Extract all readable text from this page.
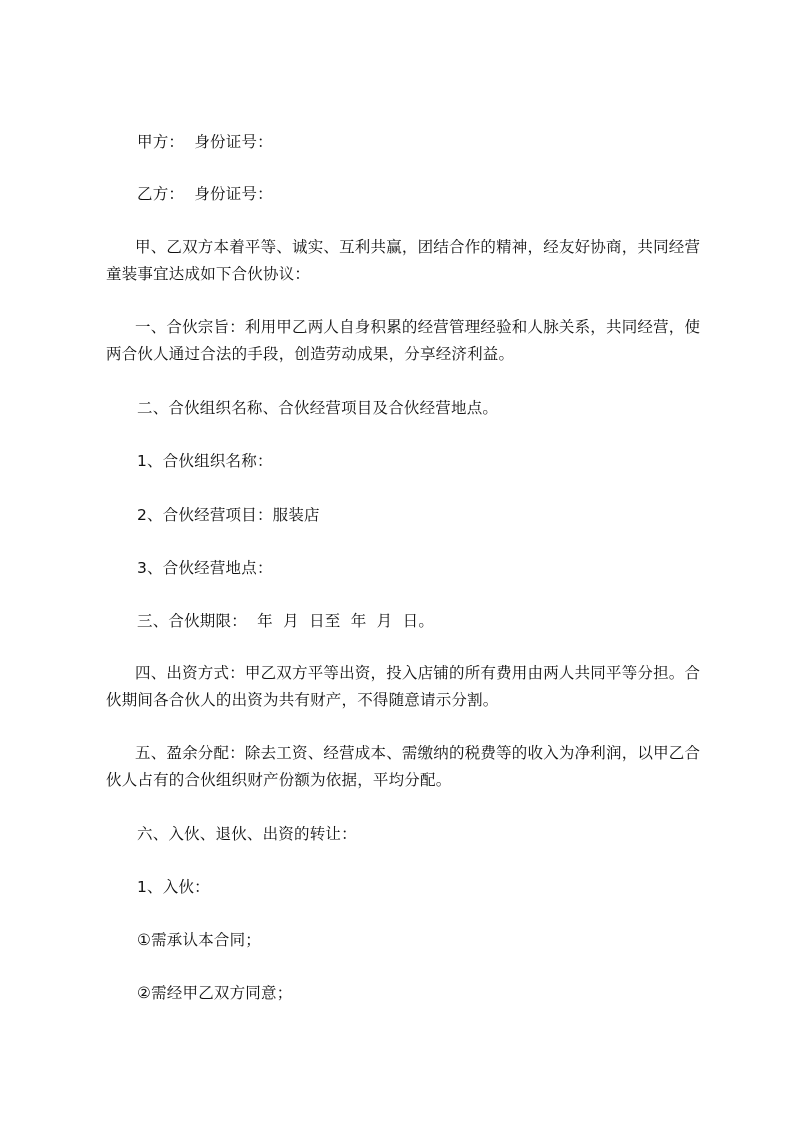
甲方：  身份证号：

乙方：  身份证号：

甲、乙双方本着平等、诚实、互利共赢，团结合作的精神，经友好协商，共同经营童装事宜达成如下合伙协议：

一、合伙宗旨：利用甲乙两人自身积累的经营管理经验和人脉关系，共同经营，使两合伙人通过合法的手段，创造劳动成果，分享经济利益。

二、合伙组织名称、合伙经营项目及合伙经营地点。

1、合伙组织名称：

2、合伙经营项目：服装店

3、合伙经营地点：

三、合伙期限：  年  月  日至  年  月  日。

四、出资方式：甲乙双方平等出资，投入店铺的所有费用由两人共同平等分担。合伙期间各合伙人的出资为共有财产，不得随意请示分割。

五、盈余分配：除去工资、经营成本、需缴纳的税费等的收入为净利润，以甲乙合伙人占有的合伙组织财产份额为依据，平均分配。

六、入伙、退伙、出资的转让：

1、入伙：

①需承认本合同；

②需经甲乙双方同意；
